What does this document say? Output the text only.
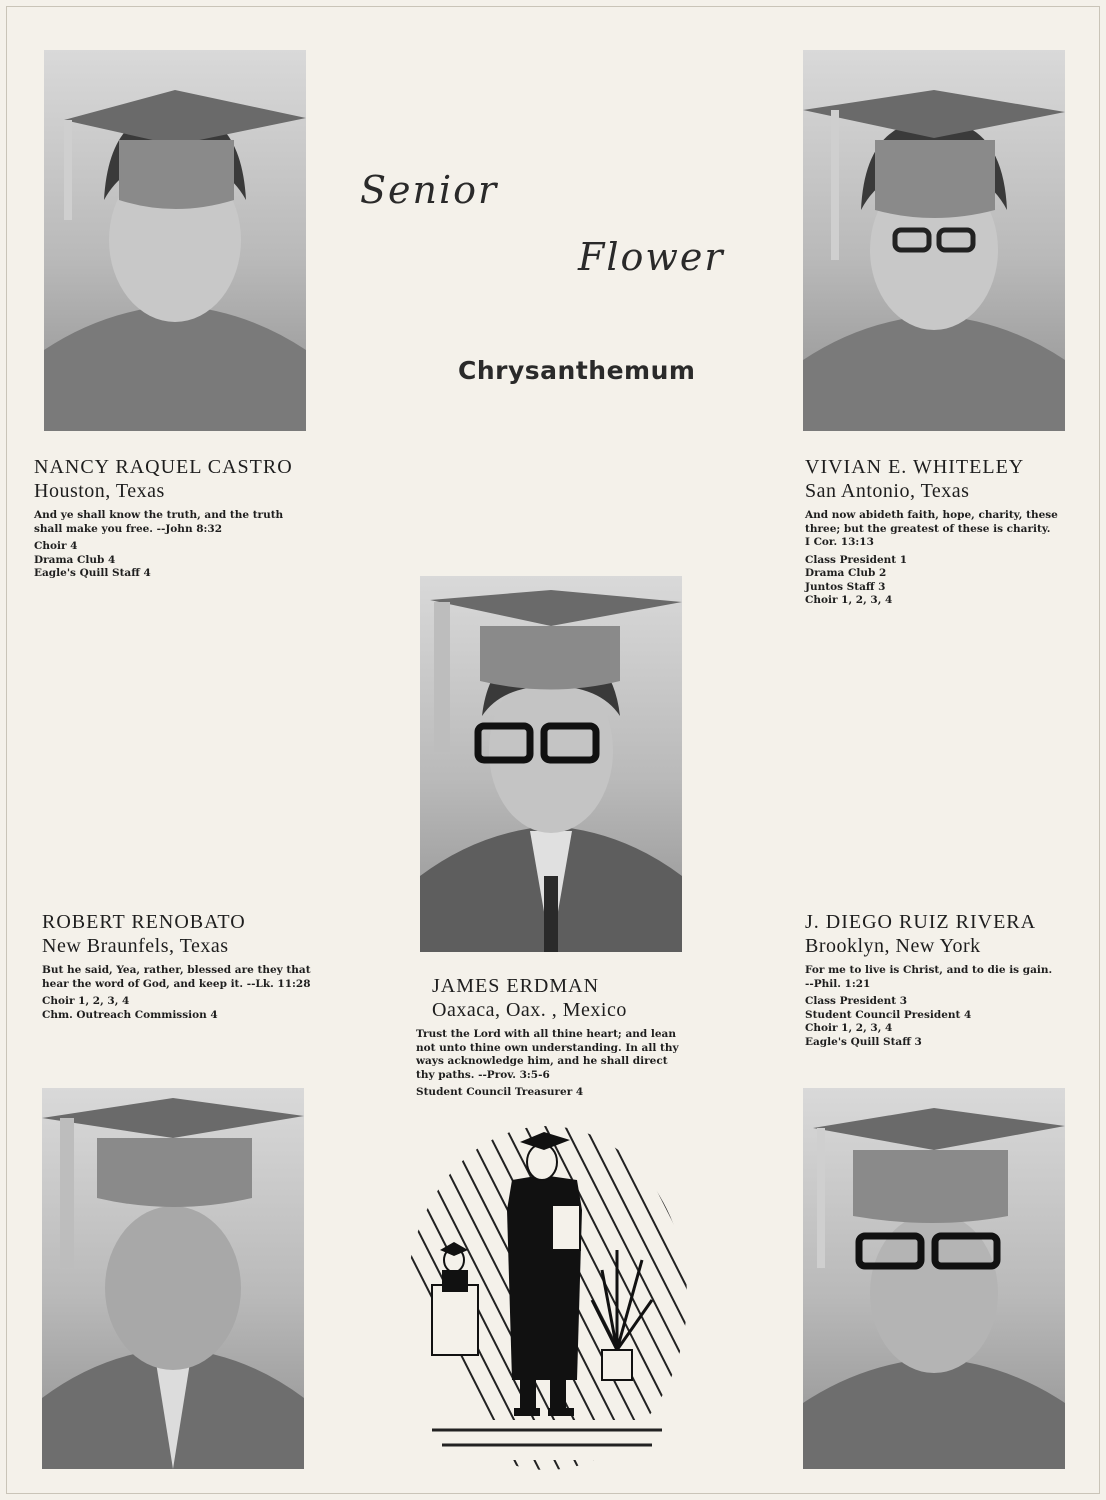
Senior
Flower
Chrysanthemum
NANCY RAQUEL CASTRO
Houston, Texas
And ye shall know the truth, and the truth
shall make you free. --John 8:32
Choir 4
Drama Club 4
Eagle's Quill Staff 4
VIVIAN E. WHITELEY
San Antonio, Texas
And now abideth faith, hope, charity, these
three; but the greatest of these is charity.
I Cor. 13:13
Class President 1
Drama Club 2
Juntos Staff 3
Choir 1, 2, 3, 4
ROBERT RENOBATO
New Braunfels, Texas
But he said, Yea, rather, blessed are they that
hear the word of God, and keep it. --Lk. 11:28
Choir 1, 2, 3, 4
Chm. Outreach Commission 4
JAMES ERDMAN
Oaxaca, Oax. , Mexico
Trust the Lord with all thine heart; and lean
not unto thine own understanding. In all thy
ways acknowledge him, and he shall direct
thy paths. --Prov. 3:5-6
Student Council Treasurer 4
J. DIEGO RUIZ RIVERA
Brooklyn, New York
For me to live is Christ, and to die is gain.
--Phil. 1:21
Class President 3
Student Council President 4
Choir 1, 2, 3, 4
Eagle's Quill Staff 3
